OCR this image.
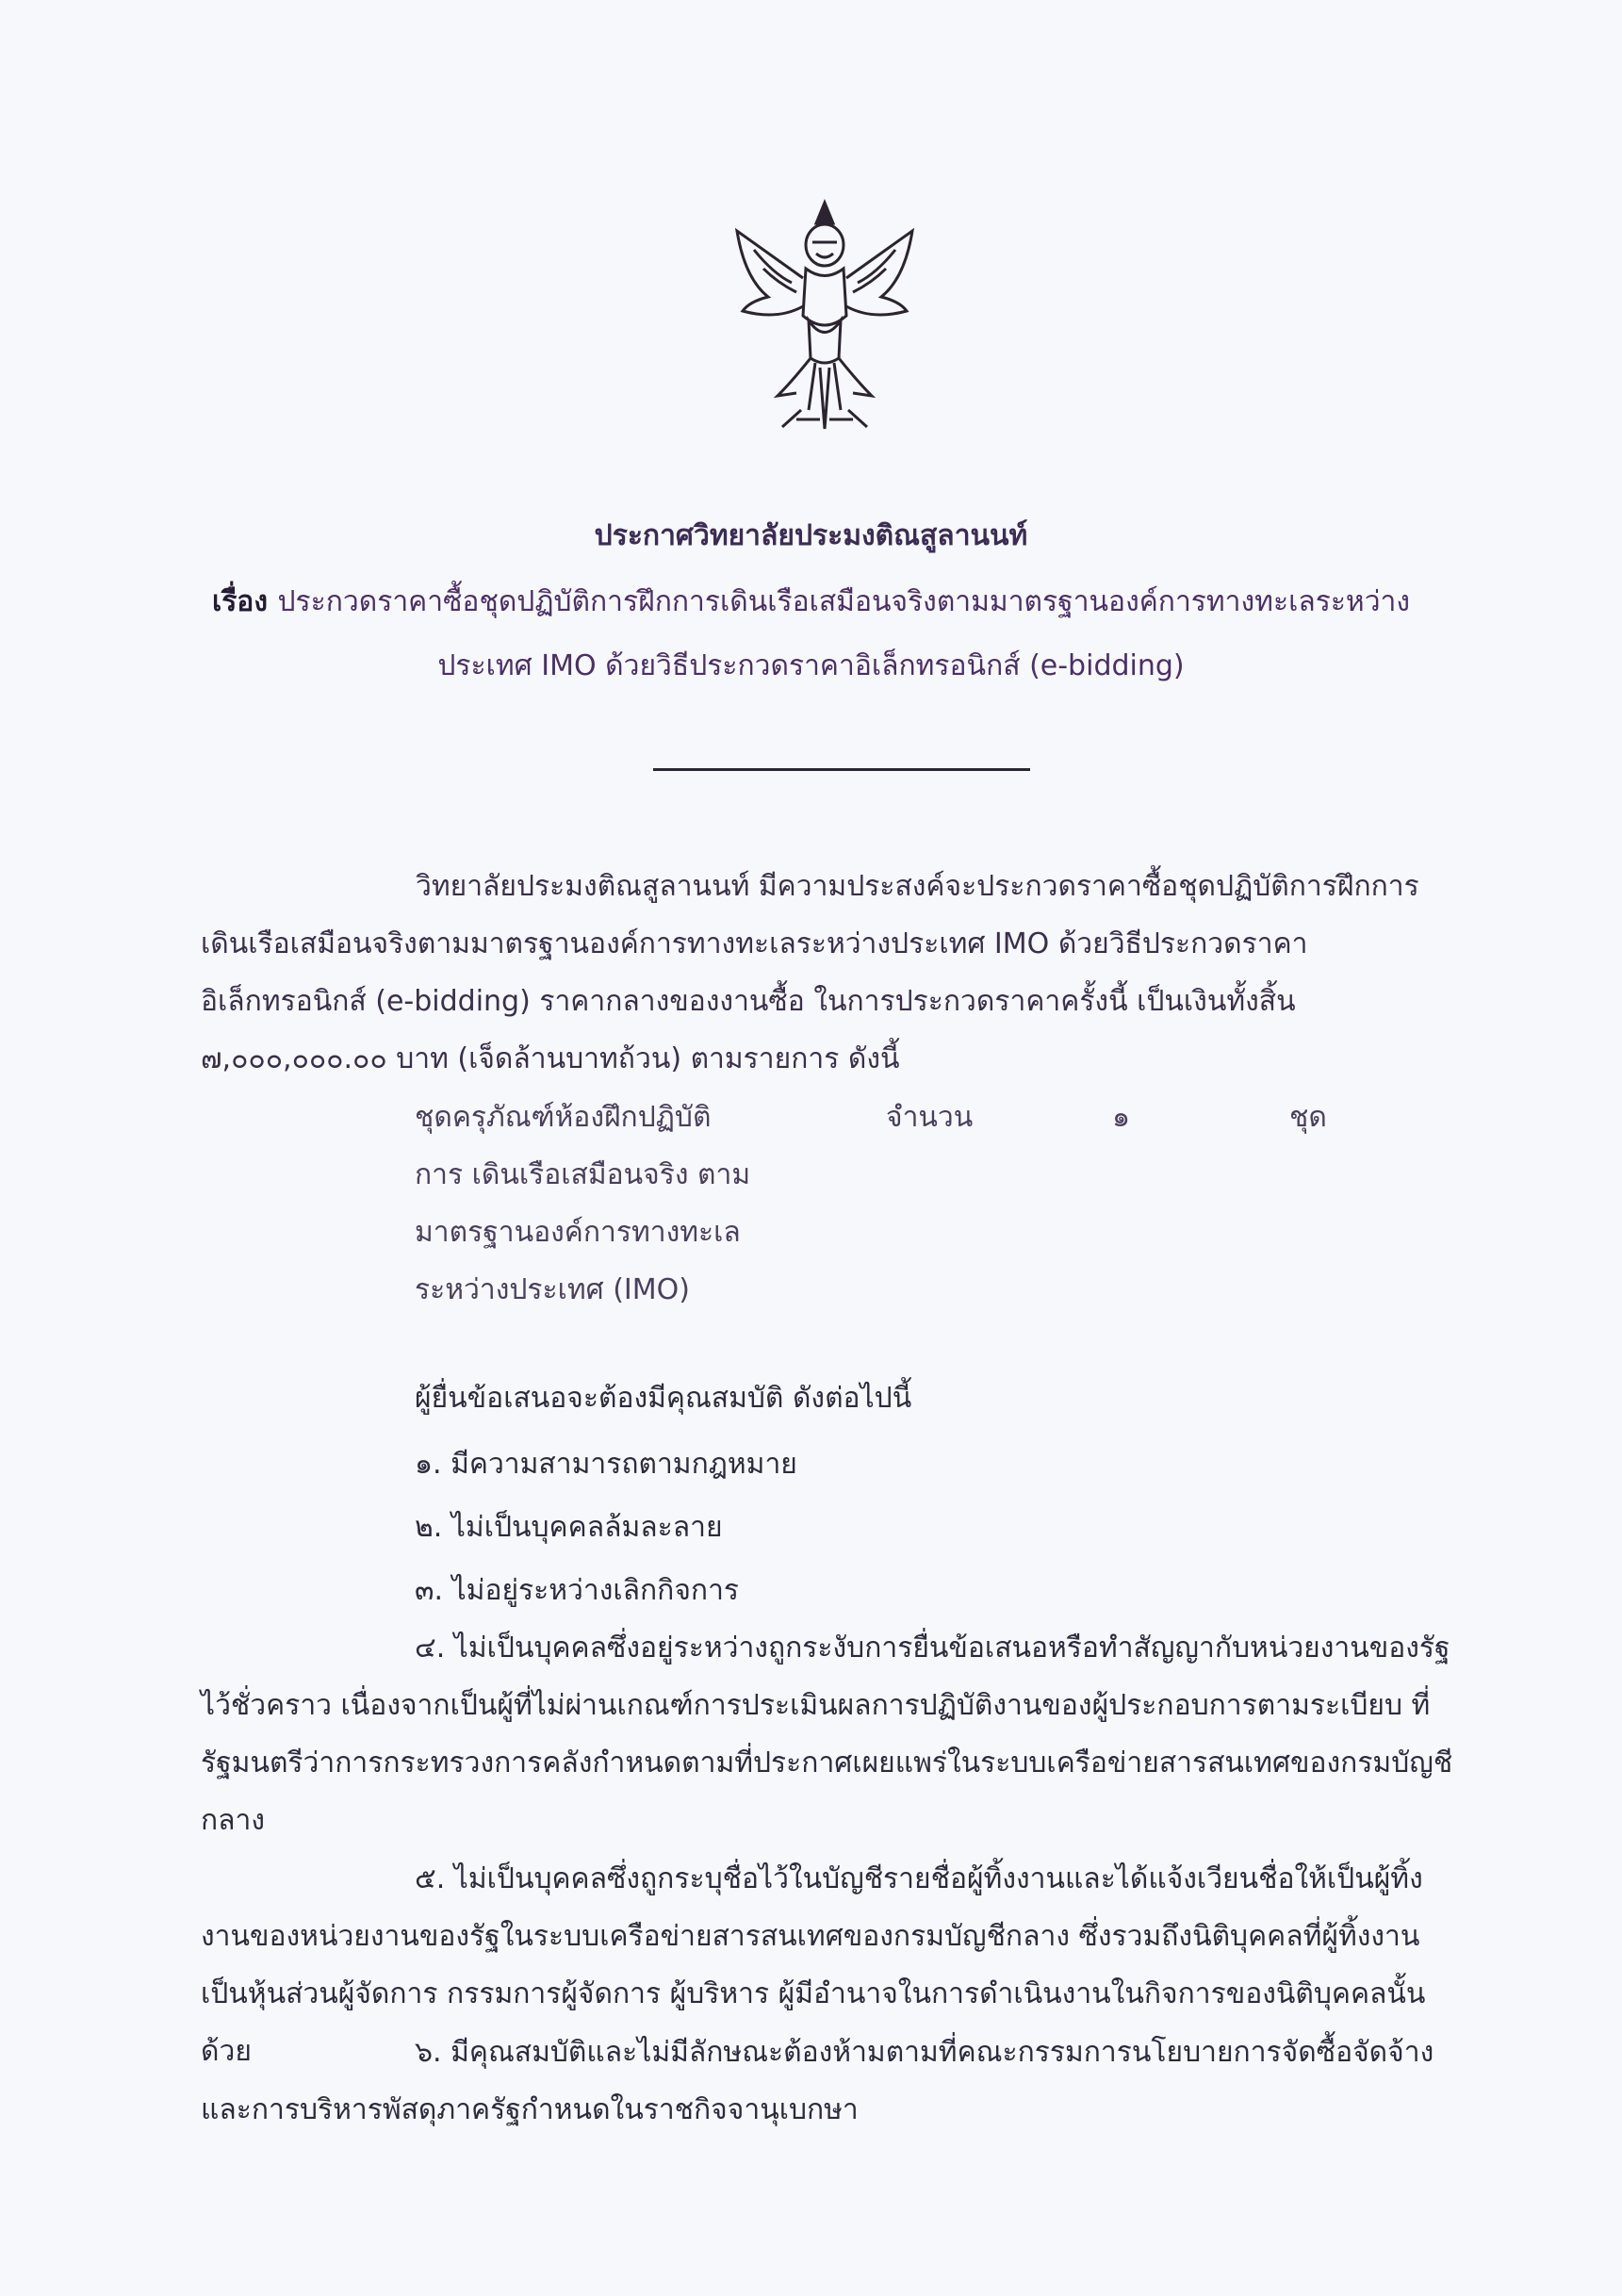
ประกาศวิทยาลัยประมงติณสูลานนท์
เรื่อง ประกวดราคาซื้อชุดปฏิบัติการฝึกการเดินเรือเสมือนจริงตามมาตรฐานองค์การทางทะเลระหว่าง
ประเทศ IMO ด้วยวิธีประกวดราคาอิเล็กทรอนิกส์ (e-bidding)
วิทยาลัยประมงติณสูลานนท์ มีความประสงค์จะประกวดราคาซื้อชุดปฏิบัติการฝึกการเดินเรือเสมือนจริงตามมาตรฐานองค์การทางทะเลระหว่างประเทศ IMO ด้วยวิธีประกวดราคาอิเล็กทรอนิกส์ (e-bidding) ราคากลางของงานซื้อ ในการประกวดราคาครั้งนี้ เป็นเงินทั้งสิ้น ๗,๐๐๐,๐๐๐.๐๐ บาท (เจ็ดล้านบาทถ้วน) ตามรายการ ดังนี้
ชุดครุภัณฑ์ห้องฝึกปฏิบัติการ เดินเรือเสมือนจริง ตาม มาตรฐานองค์การทางทะเล ระหว่างประเทศ (IMO)
จำนวน	๑	ชุด
ผู้ยื่นข้อเสนอจะต้องมีคุณสมบัติ ดังต่อไปนี้
๑. มีความสามารถตามกฎหมาย
๒. ไม่เป็นบุคคลล้มละลาย
๓. ไม่อยู่ระหว่างเลิกกิจการ
๔. ไม่เป็นบุคคลซึ่งอยู่ระหว่างถูกระงับการยื่นข้อเสนอหรือทำสัญญากับหน่วยงานของรัฐไว้ชั่วคราว เนื่องจากเป็นผู้ที่ไม่ผ่านเกณฑ์การประเมินผลการปฏิบัติงานของผู้ประกอบการตามระเบียบ ที่รัฐมนตรีว่าการกระทรวงการคลังกำหนดตามที่ประกาศเผยแพร่ในระบบเครือข่ายสารสนเทศของกรมบัญชีกลาง
๕. ไม่เป็นบุคคลซึ่งถูกระบุชื่อไว้ในบัญชีรายชื่อผู้ทิ้งงานและได้แจ้งเวียนชื่อให้เป็นผู้ทิ้งงานของหน่วยงานของรัฐในระบบเครือข่ายสารสนเทศของกรมบัญชีกลาง ซึ่งรวมถึงนิติบุคคลที่ผู้ทิ้งงานเป็นหุ้นส่วนผู้จัดการ กรรมการผู้จัดการ ผู้บริหาร ผู้มีอำนาจในการดำเนินงานในกิจการของนิติบุคคลนั้นด้วย	๖. มีคุณสมบัติและไม่มีลักษณะต้องห้ามตามที่คณะกรรมการนโยบายการจัดซื้อจัดจ้างและการบริหารพัสดุภาครัฐกำหนดในราชกิจจานุเบกษา
